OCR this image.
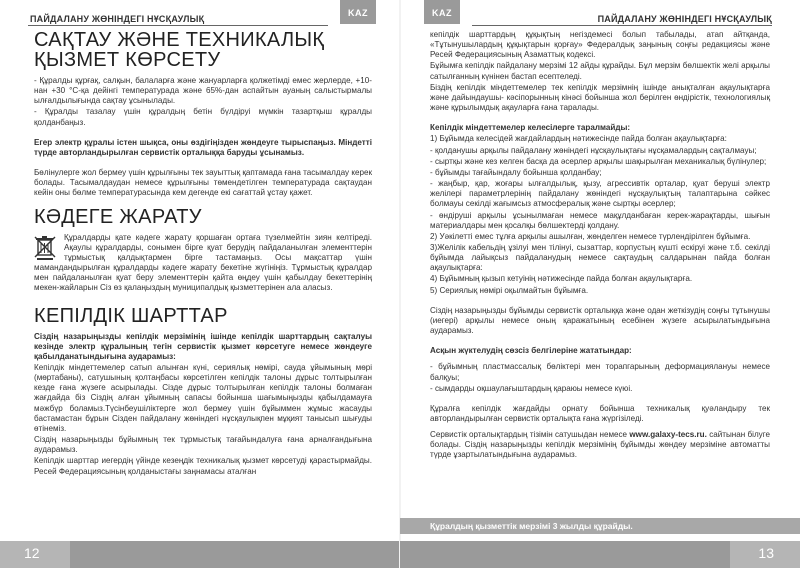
ПАЙДАЛАНУ ЖӨНІНДЕГІ НҰСҚАУЛЫҚ
KAZ
САҚТАУ ЖӘНЕ ТЕХНИКАЛЫҚ ҚЫЗМЕТ КӨРСЕТУ

- Құралды құрғақ, салқын, балаларға және жануарларға қолжетімді емес жерлерде, +10-нан +30 °С-қа дейінгі температурада және 65%-дан аспайтын ауаның салыстырмалы ылғалдылығында сақтау ұсынылады.

- Құралды тазалау үшін құралдың бетін бүлдіруі мүмкін тазартқыш құралды қолданбаңыз.

Егер электр құралы істен шықса, оны өздігіңізден жөндеуге тырыспаңыз. Міндетті түрде авторландырылған сервистік орталыққа баруды ұсынамыз.

Бөлінулерге жол бермеу үшін құрылғыны тек зауыттық қаптамада ғана тасымалдау керек болады. Тасымалдаудан немесе құрылғыны төмендетілген температурада сақтаудан кейін оны бөлме температурасында кем дегенде екі сағаттай ұстау қажет.

КӘДЕГЕ ЖАРАТУ

Құралдарды қате кәдеге жарату қоршаған ортаға түзелмейтін зиян келтіреді. Ақаулы құралдарды, сонымен бірге қуат берудің пайдаланылған элементтерін тұрмыстық қалдықтармен бірге тастамаңыз. Осы мақсаттар үшін мамандандырылған құралдарды кәдеге жарату бекетіне жүгініңіз. Тұрмыстық құралдар мен пайдаланылған қуат беру элементтерін қайта өңдеу үшін қабылдау бекеттерінің мекен-жайларын Сіз өз қалаңыздың муниципалдық қызметтерінен ала аласыз.

КЕПІЛДІК ШАРТТАР

Сіздің назарыңызды кепілдік мерзімінің ішінде кепілдік шарттардың сақталуы кезінде электр құралының тегін сервистік қызмет көрсетуге немесе жөндеуге қабылданатындығына аударамыз:

Кепілдік міндеттемелер сатып алынған күні, сериялық нөмірі, сауда ұйымының мөрі (мөртабаны), сатушының қолтаңбасы көрсетілген кепілдік талоны дұрыс толтырылған кезде ғана жүзеге асырылады. Сізде дұрыс толтырылған кепілдік талоны болмаған жағдайда біз Сіздің алған ұйымның сапасы бойынша шағымыңызды қабылдамауға мәжбүр боламыз.Түсінбеушіліктерге жол бермеу үшін бұйыммен жұмыс жасауды бастамастан бұрын Сізден пайдалану жөніндегі нұсқаулықпен мұқият танысып шығуды өтінеміз.

Сіздің назарыңызды бұйымның тек тұрмыстық тағайындалуға ғана арналғандығына аударамыз.

Кепілдік шарттар иегердің үйінде кезеңдік техникалық қызмет көрсетуді қарастырмайды. Ресей Федерациясының қолданыстағы заңнамасы аталған

12
KAZ
ПАЙДАЛАНУ ЖӨНІНДЕГІ НҰСҚАУЛЫҚ

кепілдік шарттардың құқықтың негіздемесі болып табылады, атап айтқанда, «Тұтынушылардың құқықтарын қорғау» Федералдық заңының соңғы редакциясы және Ресей Федерациясының Азаматтық кодексі.

Бұйымға кепілдік пайдалану мерзімі 12 айды құрайды. Бұл мерзім бөлшектік желі арқылы сатылғанның күнінен бастап есептеледі.

Біздің кепілдік міндеттемелер тек кепілдік мерзімнің ішінде анықталған ақаулықтарға және дайындаушы- кәсіпорынның кінәсі бойынша жол берілген өндірістік, технологиялық және құрылымдық ақауларға ғана таралады.

Кепілдік міндеттемелер келесілерге таралмайды:

1) Бұйымда келесідей жағдайлардың нәтижесінде пайда болған ақаулықтарға:

- қолданушы арқылы пайдалану жөніндегі нұсқаулықтағы нұсқамалардың сақталмауы;

- сыртқы және кез келген басқа да әсерлер арқылы шақырылған механикалық бүлінулер;

- бұйымды тағайындалу бойынша қолданбау;

- жаңбыр, қар, жоғары ылғалдылық, қызу, агрессивтік орталар, қуат беруші электр желілері параметрлерінің пайдалану жөніндегі нұсқаулықтың талаптарына сәйкес болмауы секілді жағымсыз атмосфералық және сыртқы әсерлер;

- өндіруші арқылы ұсынылмаған немесе мақұлданбаған керек-жарақтарды, шығын материалдары мен қосалқы бөлшектерді қолдану.

2) Уәкілетті емес тұлға арқылы ашылған, жөнделген немесе түрлендірілген бұйымға.

3)Желілік кабельдің ұзілуі мен тілінуі, сызаттар, корпустың күшті ескіруі және т.б. секілді бұйымда лайықсыз пайдаланудың немесе сақтаудың салдарынан пайда болған ақаулықтарға:

4) Бұйымның қызып кетуінің нәтижесінде пайда болған ақаулықтарға.

5) Сериялық нөмірі оқылмайтын бұйымға.

Сіздің назарыңызды бұйымды сервистік орталыққа және одан жеткізудің соңғы тұтынушы (иегері) арқылы немесе оның қаражатының есебінен жүзеге асырылатындығына аударамыз.

Асқын жүктелудің сөзсіз белгілеріне жататындар:

- бұйымның пластмассалық бөліктері мен торапгарының деформациялануы немесе балқуы;

- сымдарды оқшаулағыштардың қараюы немесе күюі.

Құралға кепілдік жағдайды орнату бойынша техникалық қуәландыру тек авторландырылған сервистік орталықта ғана жүргізіледі.

Сервистік орталықтардың тізімін сатушыдан немесе www.galaxy-tecs.ru. сайтынан білуге болады. Сіздің назарыңызды кепілдік мерзімінің бұйымды жөндеу мерзіміне автоматты түрде ұзартылатындығына аударамыз.

Құралдың қызметтік мерзімі 3 жылды құрайды.
13
